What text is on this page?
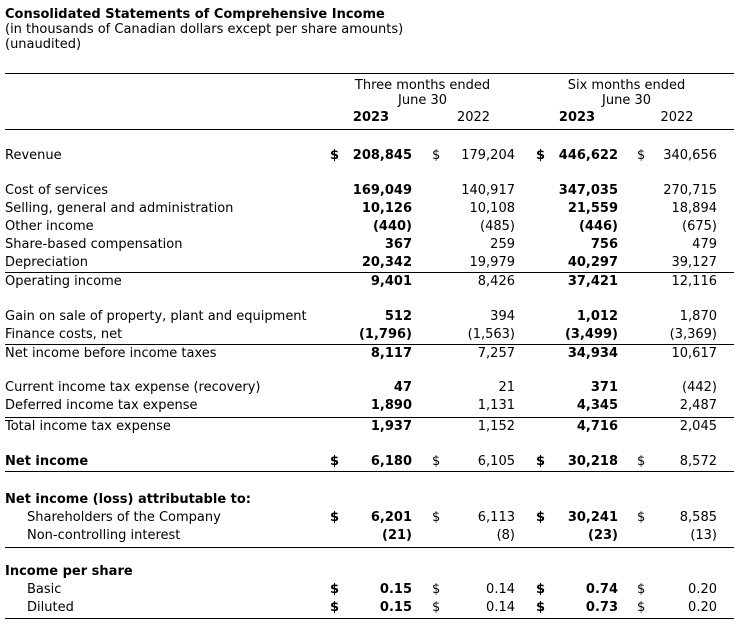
Consolidated Statements of Comprehensive Income
(in thousands of Canadian dollars except per share amounts)
(unaudited)
Three months ended	Six months ended
June 30	June 30
2023	2022	2023	2022
Revenue	$	208,845 $	179,204 $	446,622 $	340,656
Cost of services	169,049	140,917	347,035	270,715
Selling, general and administration	10,126	10,108	21,559	18,894
Other income	(440)	(485)	(446)	(675)
Share-based compensation	367	259	756	479
Depreciation	20,342	19,979	40,297	39,127
Operating income	9,401	8,426	37,421	12,116
Gain on sale of property, plant and equipment	512	394	1,012	1,870
Finance costs, net	(1,796)	(1,563)	(3,499)	(3,369)
Net income before income taxes	8,117	7,257	34,934	10,617
Current income tax expense (recovery)	47	21	371	(442)
Deferred income tax expense	1,890	1,131	4,345	2,487
Total income tax expense	1,937	1,152	4,716	2,045
Net income	$	6,180 $	6,105 $	30,218 $	8,572
Net income (loss) attributable to:
Shareholders of the Company	$	6,201 $	6,113 $	30,241 $	8,585
Non-controlling interest	(21)	(8)	(23)	(13)
Income per share
Basic	$	0.15 $	0.14 $	0.74 $	0.20
Diluted	$	0.15 $	0.14 $	0.73 $	0.20
